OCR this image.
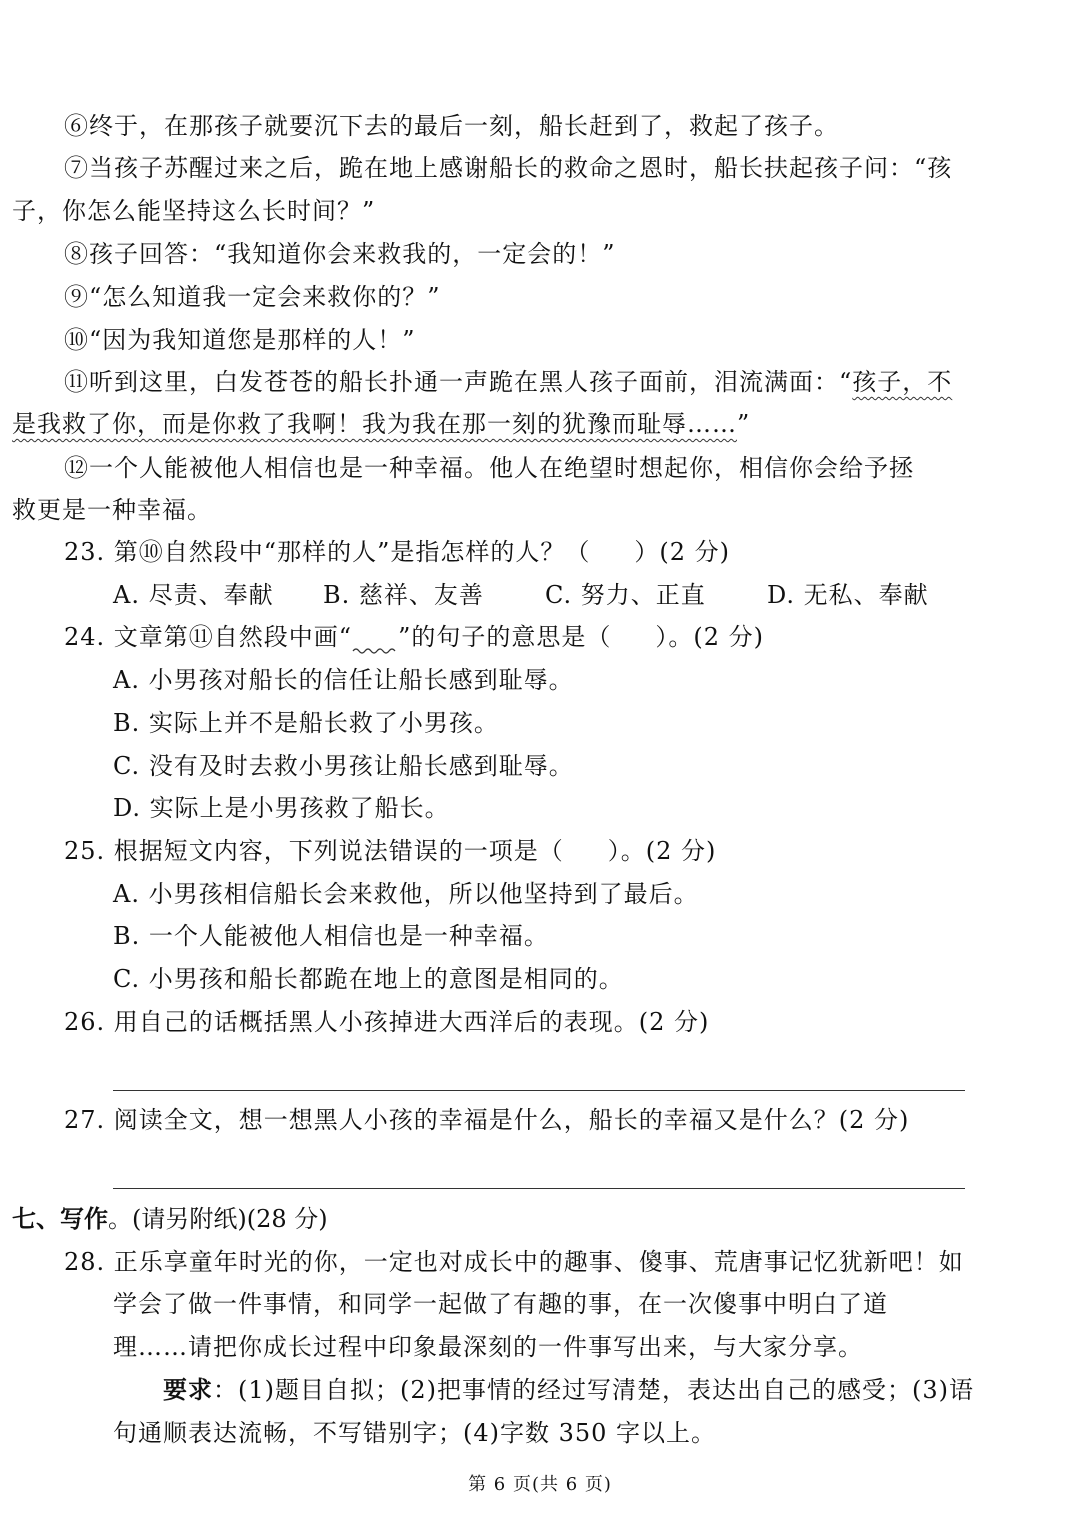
⑥终于，在那孩子就要沉下去的最后一刻，船长赶到了，救起了孩子。
⑦当孩子苏醒过来之后，跪在地上感谢船长的救命之恩时，船长扶起孩子问：“孩
子，你怎么能坚持这么长时间？”
⑧孩子回答：“我知道你会来救我的，一定会的！”
⑨“怎么知道我一定会来救你的？”
⑩“因为我知道您是那样的人！”
⑪听到这里，白发苍苍的船长扑通一声跪在黑人孩子面前，泪流满面：“孩子，不
是我救了你，而是你救了我啊！我为我在那一刻的犹豫而耻辱……”
⑫一个人能被他人相信也是一种幸福。他人在绝望时想起你，相信你会给予拯
救更是一种幸福。
23. 第⑩自然段中“那样的人”是指怎样的人？（ ）(2 分)
A. 尽责、奉献 B. 慈祥、友善	C. 努力、正直	D. 无私、奉献
24. 文章第⑪自然段中画“ ”的句子的意思是（ ）。(2 分)
A. 小男孩对船长的信任让船长感到耻辱。
B. 实际上并不是船长救了小男孩。
C. 没有及时去救小男孩让船长感到耻辱。
D. 实际上是小男孩救了船长。
25. 根据短文内容，下列说法错误的一项是（ ）。(2 分)
A. 小男孩相信船长会来救他，所以他坚持到了最后。
B. 一个人能被他人相信也是一种幸福。
C. 小男孩和船长都跪在地上的意图是相同的。
26. 用自己的话概括黑人小孩掉进大西洋后的表现。(2 分)
27. 阅读全文，想一想黑人小孩的幸福是什么，船长的幸福又是什么？(2 分)
七、写作。(请另附纸)(28 分)
28. 正乐享童年时光的你，一定也对成长中的趣事、傻事、荒唐事记忆犹新吧！如
学会了做一件事情，和同学一起做了有趣的事，在一次傻事中明白了道
理……请把你成长过程中印象最深刻的一件事写出来，与大家分享。
要求：(1)题目自拟；(2)把事情的经过写清楚，表达出自己的感受；(3)语
句通顺表达流畅，不写错别字；(4)字数 350 字以上。
第 6 页(共 6 页)
